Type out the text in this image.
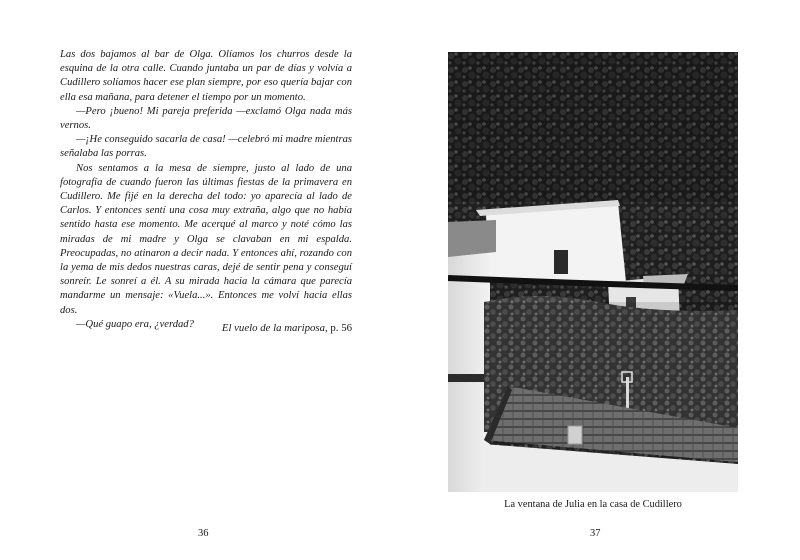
Las dos bajamos al bar de Olga. Olíamos los churros desde la esquina de la otra calle. Cuando juntaba un par de días y volvía a Cudillero solíamos hacer ese plan siempre, por eso quería bajar con ella esa mañana, para detener el tiempo por un momento.

—Pero ¡bueno! Mi pareja preferida —exclamó Olga nada más vernos.

—¡He conseguido sacarla de casa! —celebró mi madre mientras señalaba las porras.

Nos sentamos a la mesa de siempre, justo al lado de una fotografía de cuando fueron las últimas fiestas de la primavera en Cudillero. Me fijé en la derecha del todo: yo aparecía al lado de Carlos. Y entonces sentí una cosa muy extraña, algo que no había sentido hasta ese momento. Me acerqué al marco y noté cómo las miradas de mi madre y Olga se clavaban en mi espalda. Preocupadas, no atinaron a decir nada. Y entonces ahí, rozando con la yema de mis dedos nuestras caras, dejé de sentir pena y conseguí sonreír. Le sonreí a él. A su mirada hacia la cámara que parecía mandarme un mensaje: «Vuela...». Entonces me volví hacia ellas dos.

—Qué guapo era, ¿verdad?	El vuelo de la mariposa, p. 56
36
La ventana de Julia en la casa de Cudillero
37
